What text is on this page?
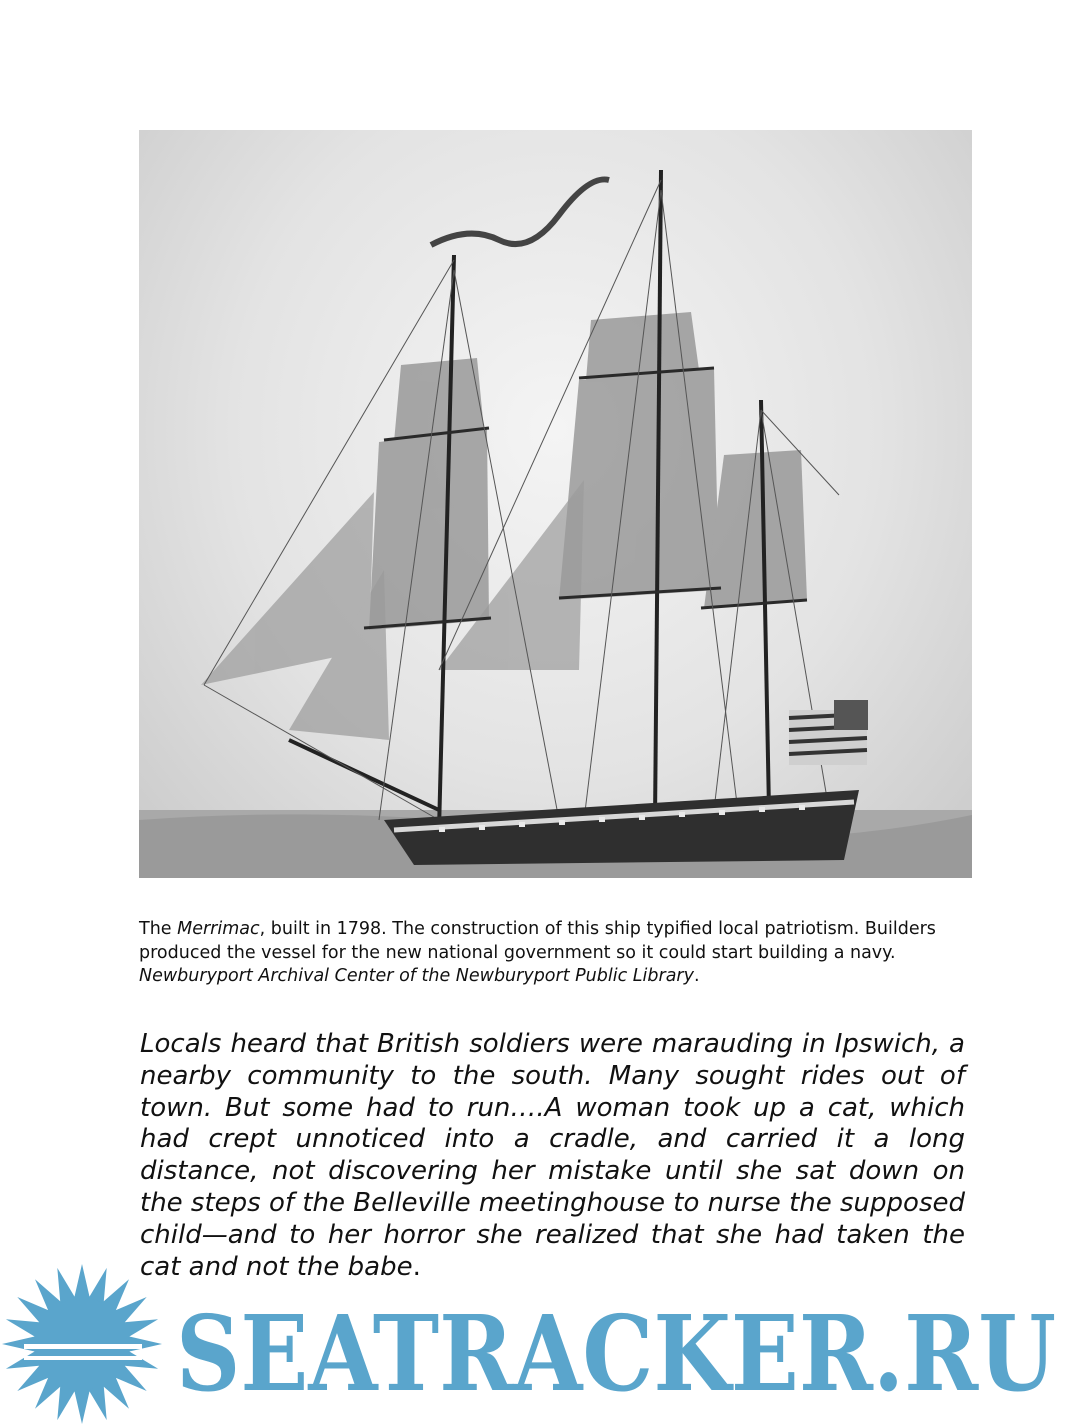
The Merrimac, built in 1798. The construction of this ship typified local patriotism. Builders produced the vessel for the new national government so it could start building a navy. Newburyport Archival Center of the Newburyport Public Library.

Locals heard that British soldiers were marauding in Ipswich, a nearby community to the south. Many sought rides out of town. But some had to run….A woman took up a cat, which had crept unnoticed into a cradle, and carried it a long distance, not discovering her mistake until she sat down on the steps of the Belleville meetinghouse to nurse the supposed child—and to her horror she realized that she had taken the cat and not the babe.

SEATRACKER.RU
